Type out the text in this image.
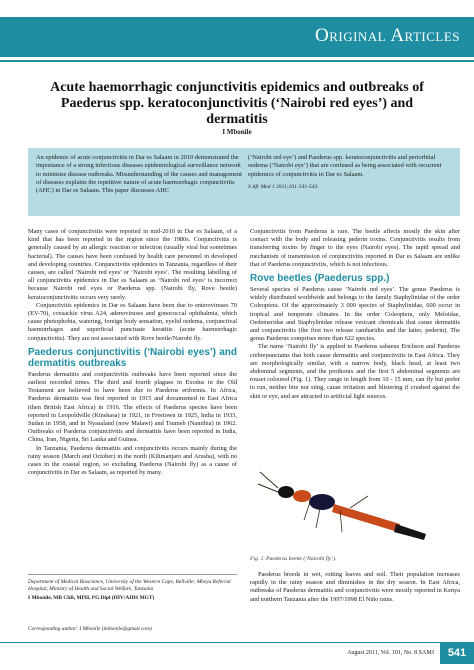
Original Articles
Acute haemorrhagic conjunctivitis epidemics and outbreaks of Paederus spp. keratoconjunctivitis (‘Nairobi red eyes’) and dermatitis
I Mbonile
An epidemic of acute conjunctivitis in Dar es Salaam in 2010 demonstrated the importance of a strong infectious diseases epidemiological surveillance network to minimise disease outbreaks. Misunderstanding of the causes and management of diseases explains the repetitive nature of acute haemorrhagic conjunctivitis (AHC) in Dar es Salaam. This paper discusses AHC
(‘Nairobi red eye’) and Paederus spp. keratoconjunctivitis and periorbital oedema (‘Nairobi eye’) that are confused as being associated with recurrent epidemics of conjunctivitis in Dar es Salaam.
S Afr Med J 2011;101:541-543.

Many cases of conjunctivitis were reported in mid-2010 in Dar es Salaam, of a kind that has been reported in the region since the 1980s. Conjunctivitis is generally caused by an allergic reaction or infection (usually viral but sometimes bacterial). The causes have been confused by health care personnel in developed and developing countries. Conjunctivitis epidemics in Tanzania, regardless of their causes, are called ‘Nairobi red eyes’ or ‘Nairobi eyes’. The resulting labelling of all conjunctivitis epidemics in Dar es Salaam as ‘Nairobi red eyes’ is incorrect because Nairobi red eyes or Paederus spp. (Nairobi fly, Rove beetle) keratoconjunctivitis occurs very rarely.

Conjunctivitis epidemics in Dar es Salaam have been due to enteroviruses 70 (EV-70), coxsackie virus A24, adenoviruses and gonococcal ophthalmia, which cause photophobia, watering, foreign body sensation, eyelid oedema, conjunctival haemorrhages and superficial punctuate keratitis (acute haemorrhagic conjunctivitis). They are not associated with Rove beetle/Nairobi fly.

Paederus conjunctivitis (‘Nairobi eyes’) and dermatitis outbreaks

Paederus dermatitis and conjunctivitis outbreaks have been reported since the earliest recorded times. The third and fourth plagues in Exodus in the Old Testament are believed to have been due to Paederus eriformis. In Africa, Paederus dermatitis was first reported in 1915 and documented in East Africa (then British East Africa) in 1916. The effects of Paederus species have been reported in Leopoldville (Kinshasa) in 1921, in Freetown in 1925, India in 1933, Sudan in 1958, and in Nyasaland (now Malawi) and Tsumeb (Namibia) in 1962. Outbreaks of Paederus conjunctivitis and dermatitis have been reported in India, China, Iran, Nigeria, Sri Lanka and Guinea.

In Tanzania, Paederus dermatitis and conjunctivitis occurs mainly during the rainy season (March and October) in the north (Kilimanjaro and Arusha), with no cases in the coastal region, so excluding Paederus (Nairobi fly) as a cause of conjunctivitis in Dar es Salaam, as reported by many.

Conjunctivitis from Paederus is rare. The beetle affects mostly the skin after contact with the body and releasing pederin toxins. Conjunctivitis results from transferring toxins by finger to the eyes (Nairobi eyes). The rapid spread and mechanism of transmission of conjunctivitis reported in Dar es Salaam are unlike that of Paederus conjunctivitis, which is not infectious.

Rove beetles (Paederus spp.)

Several species of Paederus cause ‘Nairobi red eyes’. The genus Paederus is widely distributed worldwide and belongs to the family Staphylinidae of the order Coleoptera. Of the approximately 3 000 species of Staphylinidae, 600 occur in tropical and temperate climates. In the order Coleoptera, only Meloidae, Oedemeridae and Staphylinidae release vesicant chemicals that cause dermatitis and conjunctivitis (the first two release cantharidin and the latter, pederin). The genus Paederus comprises more than 622 species.

The name ‘Nairobi fly’ is applied to Paederus sabaeus Erichson and Paederus crebrepunctatus that both cause dermatitis and conjunctivitis in East Africa. They are morphologically similar, with a narrow body, black head, at least two abdominal segments, and the prothorax and the first 5 abdominal segments are rouset coloured (Fig. 1). They range in length from 10 - 15 mm, can fly but prefer to run, neither bite nor sting, cause irritation and blistering if crushed against the skin or eye, and are attracted to artificial light sources.

Fig. 1. Paederus beetle (‘Nairobi fly’).

Paederus breeds in wet, rotting leaves and soil. Their population increases rapidly in the rainy season and diminishes in the dry season. In East Africa, outbreaks of Paederus dermatitis and conjunctivitis were mostly reported in Kenya and northern Tanzania after the 1997/1998 El Niño rains.

Department of Medical Bioscience, University of the Western Cape, Bellville; Mbeya Referral Hospital, Ministry of Health and Social Welfare, Tanzania
I Mbonile, MB ChB, MPH, PG Dipl (HIV/AIDS MGT)
Corresponding author: I Mbonile (imbonile@gmail.com)
August 2011, Vol. 101, No. 8 SAMJ	541
